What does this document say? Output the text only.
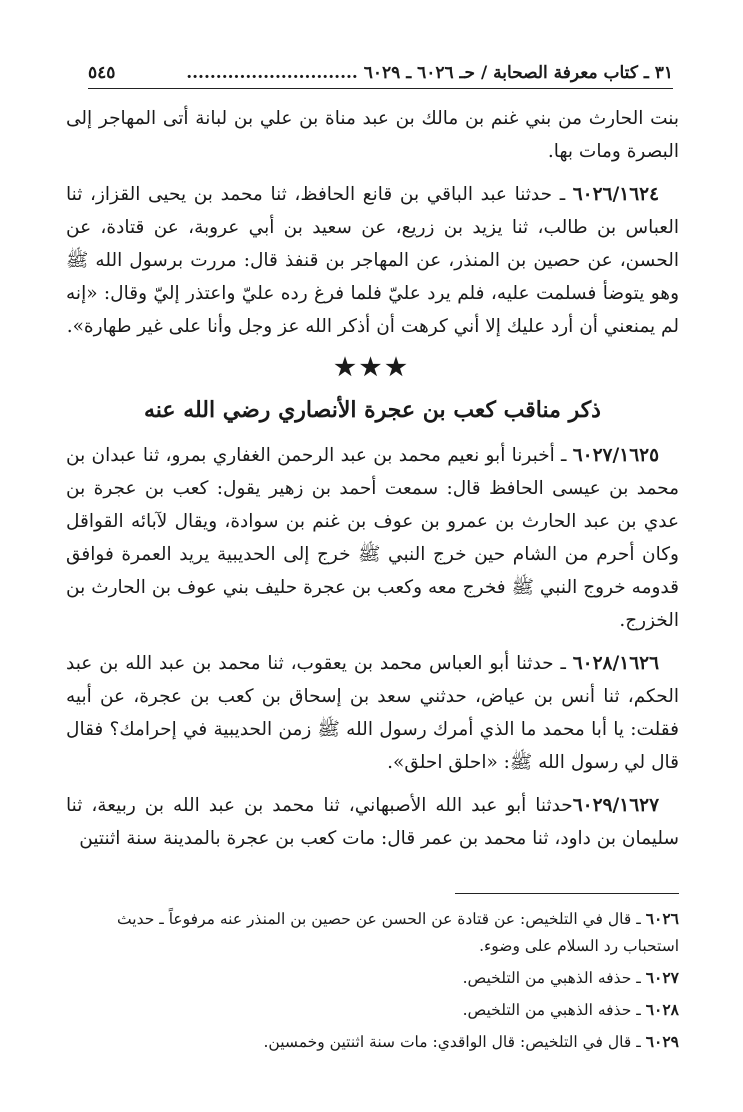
٣١ ـ كتاب معرفة الصحابة / حـ ٦٠٢٦ ـ ٦٠٢٩ .............................
٥٤٥

بنت الحارث من بني غنم بن مالك بن عبد مناة بن علي بن لبانة أتى المهاجر إلى البصرة ومات بها.

٦٠٢٦/١٦٢٤ ـ حدثنا عبد الباقي بن قانع الحافظ، ثنا محمد بن يحيى القزاز، ثنا العباس بن طالب، ثنا يزيد بن زريع، عن سعيد بن أبي عروبة، عن قتادة، عن الحسن، عن حصين بن المنذر، عن المهاجر بن قنفذ قال: مررت برسول الله ﷺ وهو يتوضأ فسلمت عليه، فلم يرد عليّ فلما فرغ رده عليّ واعتذر إليّ وقال: «إنه لم يمنعني أن أرد عليك إلا أني كرهت أن أذكر الله عز وجل وأنا على غير طهارة».

★★★
ذكر مناقب كعب بن عجرة الأنصاري رضي الله عنه

٦٠٢٧/١٦٢٥ ـ أخبرنا أبو نعيم محمد بن عبد الرحمن الغفاري بمرو، ثنا عبدان بن محمد بن عيسى الحافظ قال: سمعت أحمد بن زهير يقول: كعب بن عجرة بن عدي بن عبد الحارث بن عمرو بن عوف بن غنم بن سوادة، ويقال لآبائه القواقل وكان أحرم من الشام حين خرج النبي ﷺ خرج إلى الحديبية يريد العمرة فوافق قدومه خروج النبي ﷺ فخرج معه وكعب بن عجرة حليف بني عوف بن الحارث بن الخزرج.

٦٠٢٨/١٦٢٦ ـ حدثنا أبو العباس محمد بن يعقوب، ثنا محمد بن عبد الله بن عبد الحكم، ثنا أنس بن عياض، حدثني سعد بن إسحاق بن كعب بن عجرة، عن أبيه فقلت: يا أبا محمد ما الذي أمرك رسول الله ﷺ زمن الحديبية في إحرامك؟ فقال قال لي رسول الله ﷺ: «احلق احلق».

٦٠٢٩/١٦٢٧حدثنا أبو عبد الله الأصبهاني، ثنا محمد بن عبد الله بن ربيعة، ثنا سليمان بن داود، ثنا محمد بن عمر قال: مات كعب بن عجرة بالمدينة سنة اثنتين

٦٠٢٦ ـ قال في التلخيص: عن قتادة عن الحسن عن حصين بن المنذر عنه مرفوعاً ـ حديث استحباب رد السلام على وضوء.

٦٠٢٧ ـ حذفه الذهبي من التلخيص.

٦٠٢٨ ـ حذفه الذهبي من التلخيص.

٦٠٢٩ ـ قال في التلخيص: قال الواقدي: مات سنة اثنتين وخمسين.
